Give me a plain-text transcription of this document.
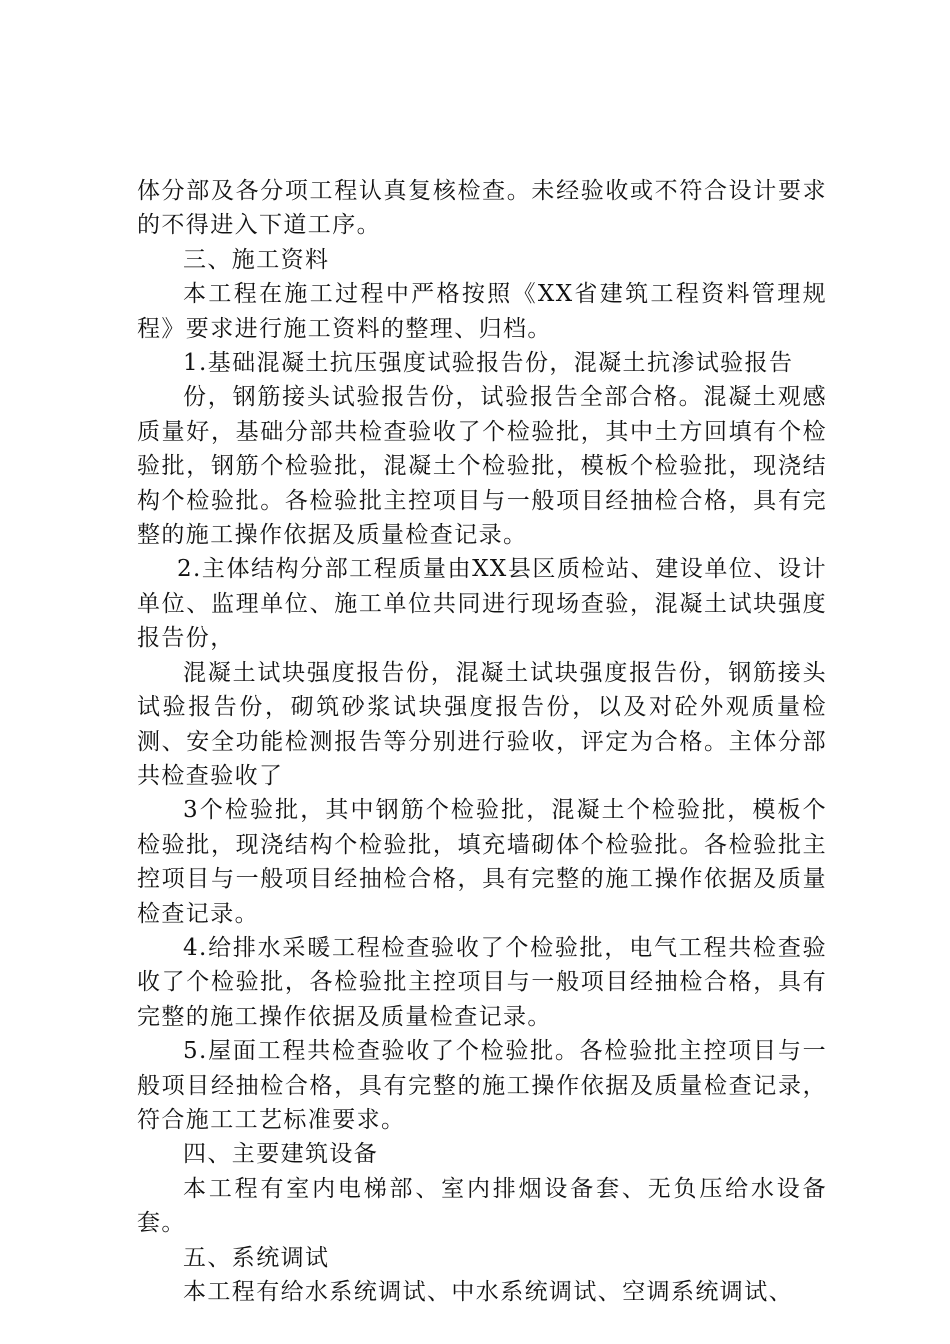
体分部及各分项工程认真复核检查。未经验收或不符合设计要求的不得进入下道工序。

三、施工资料

本工程在施工过程中严格按照《XX省建筑工程资料管理规程》要求进行施工资料的整理、归档。

1.基础混凝土抗压强度试验报告份，混凝土抗渗试验报告

份，钢筋接头试验报告份，试验报告全部合格。混凝土观感质量好，基础分部共检查验收了个检验批，其中土方回填有个检验批，钢筋个检验批，混凝土个检验批，模板个检验批，现浇结构个检验批。各检验批主控项目与一般项目经抽检合格，具有完整的施工操作依据及质量检查记录。

2.主体结构分部工程质量由XX县区质检站、建设单位、设计单位、监理单位、施工单位共同进行现场查验，混凝土试块强度报告份，

混凝土试块强度报告份，混凝土试块强度报告份，钢筋接头试验报告份，砌筑砂浆试块强度报告份，以及对砼外观质量检测、安全功能检测报告等分别进行验收，评定为合格。主体分部共检查验收了

3个检验批，其中钢筋个检验批，混凝土个检验批，模板个检验批，现浇结构个检验批，填充墙砌体个检验批。各检验批主控项目与一般项目经抽检合格，具有完整的施工操作依据及质量检查记录。

4.给排水采暖工程检查验收了个检验批，电气工程共检查验收了个检验批，各检验批主控项目与一般项目经抽检合格，具有完整的施工操作依据及质量检查记录。

5.屋面工程共检查验收了个检验批。各检验批主控项目与一般项目经抽检合格，具有完整的施工操作依据及质量检查记录，符合施工工艺标准要求。

四、主要建筑设备

本工程有室内电梯部、室内排烟设备套、无负压给水设备套。

五、系统调试

本工程有给水系统调试、中水系统调试、空调系统调试、
